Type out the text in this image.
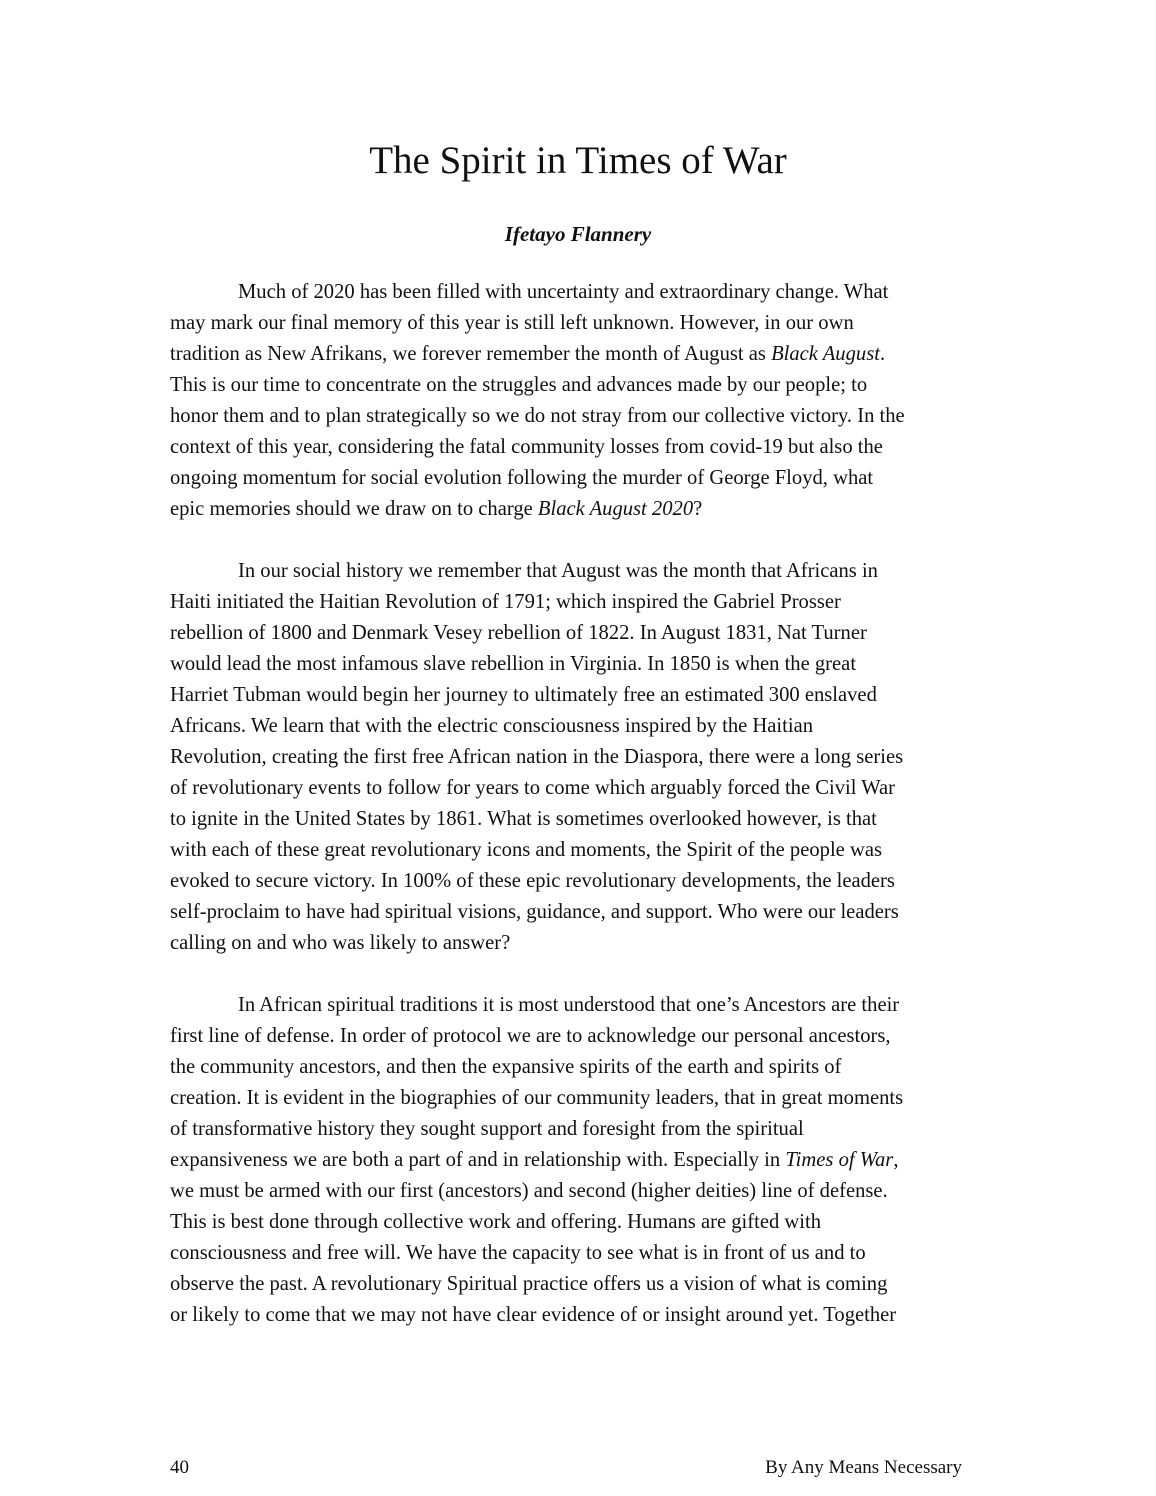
The Spirit in Times of War
Ifetayo Flannery

Much of 2020 has been filled with uncertainty and extraordinary change. What
may mark our final memory of this year is still left unknown. However, in our own
tradition as New Afrikans, we forever remember the month of August as Black August.
This is our time to concentrate on the struggles and advances made by our people; to
honor them and to plan strategically so we do not stray from our collective victory. In the
context of this year, considering the fatal community losses from covid-19 but also the
ongoing momentum for social evolution following the murder of George Floyd, what
epic memories should we draw on to charge Black August 2020?

In our social history we remember that August was the month that Africans in
Haiti initiated the Haitian Revolution of 1791; which inspired the Gabriel Prosser
rebellion of 1800 and Denmark Vesey rebellion of 1822. In August 1831, Nat Turner
would lead the most infamous slave rebellion in Virginia. In 1850 is when the great
Harriet Tubman would begin her journey to ultimately free an estimated 300 enslaved
Africans. We learn that with the electric consciousness inspired by the Haitian
Revolution, creating the first free African nation in the Diaspora, there were a long series
of revolutionary events to follow for years to come which arguably forced the Civil War
to ignite in the United States by 1861. What is sometimes overlooked however, is that
with each of these great revolutionary icons and moments, the Spirit of the people was
evoked to secure victory. In 100% of these epic revolutionary developments, the leaders
self-proclaim to have had spiritual visions, guidance, and support. Who were our leaders
calling on and who was likely to answer?

In African spiritual traditions it is most understood that one’s Ancestors are their
first line of defense. In order of protocol we are to acknowledge our personal ancestors,
the community ancestors, and then the expansive spirits of the earth and spirits of
creation. It is evident in the biographies of our community leaders, that in great moments
of transformative history they sought support and foresight from the spiritual
expansiveness we are both a part of and in relationship with. Especially in Times of War,
we must be armed with our first (ancestors) and second (higher deities) line of defense.
This is best done through collective work and offering. Humans are gifted with
consciousness and free will. We have the capacity to see what is in front of us and to
observe the past. A revolutionary Spiritual practice offers us a vision of what is coming
or likely to come that we may not have clear evidence of or insight around yet. Together

40	By Any Means Necessary
